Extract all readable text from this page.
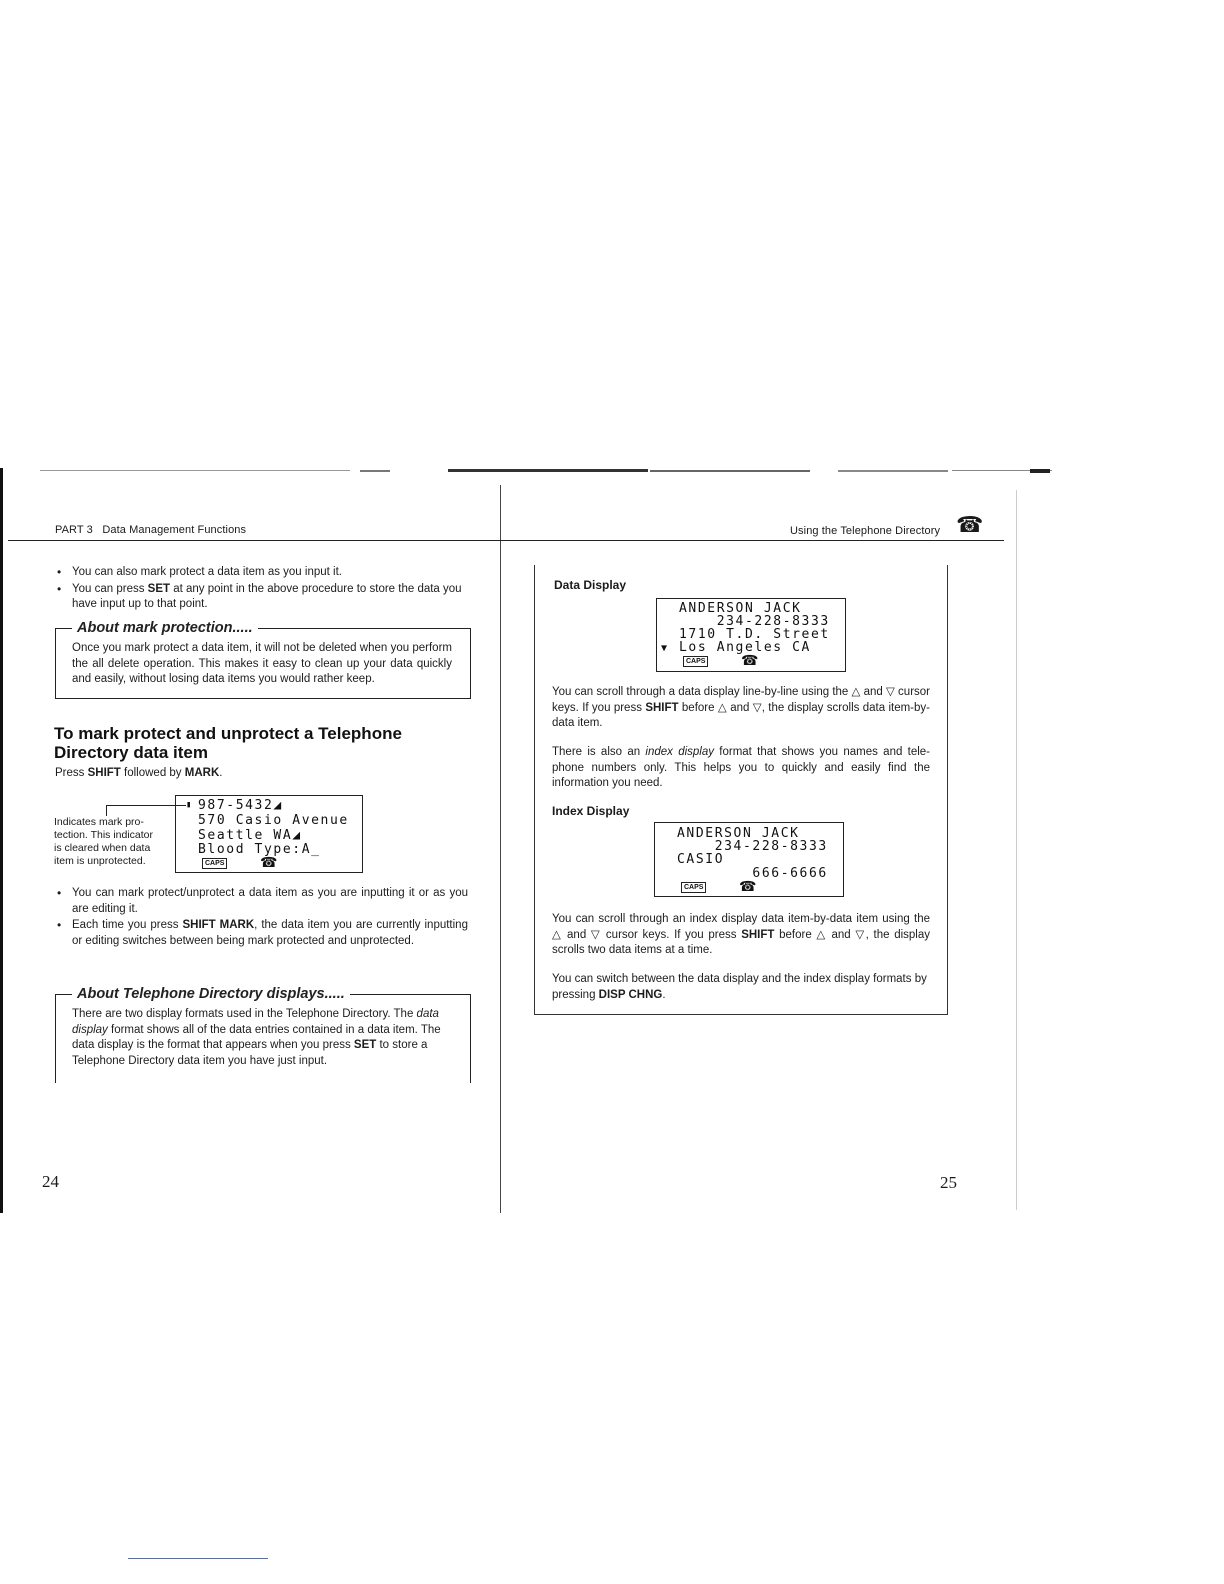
PART 3   Data Management Functions
• You can also mark protect a data item as you input it.
• You can press SET at any point in the above procedure to store the data you have input up to that point.
About mark protection.....
Once you mark protect a data item, it will not be deleted when you perform the all delete operation. This makes it easy to clean up your data quickly and easily, without losing data items you would rather keep.
To mark protect and unprotect a Telephone Directory data item
Press SHIFT followed by MARK.
Indicates mark pro-
tection. This indicator
is cleared when data
item is unprotected.

▮

987-5432◢

570 Casio Avenue

Seattle WA◢

Blood Type:A_

CAPS

	☎

• You can mark protect/unprotect a data item as you are inputting it or as you are editing it.
• Each time you press SHIFT MARK, the data item you are currently inputting or editing switches between being mark protected and unprotected.
About Telephone Directory displays.....
There are two display formats used in the Telephone Directory. The data display format shows all of the data entries contained in a data item. The data display is the format that appears when you press SET to store a Telephone Directory data item you have just input.
24
Using the Telephone Directory ☎
Data Display

ANDERSON JACK

234-228-8333

1710 T.D. Street

Los Angeles CA

▼

CAPS

	☎

You can scroll through a data display line-by-line using the △ and ▽ cursor keys. If you press SHIFT before △ and ▽, the display scrolls data item-by-data item.
There is also an index display format that shows you names and tele-phone numbers only. This helps you to quickly and easily find the information you need.
Index Display

ANDERSON JACK

234-228-8333

CASIO

666-6666

CAPS

	☎

You can scroll through an index display data item-by-data item using the △ and ▽ cursor keys. If you press SHIFT before △ and ▽, the display scrolls two data items at a time.
You can switch between the data display and the index display formats by pressing DISP CHNG.
25
